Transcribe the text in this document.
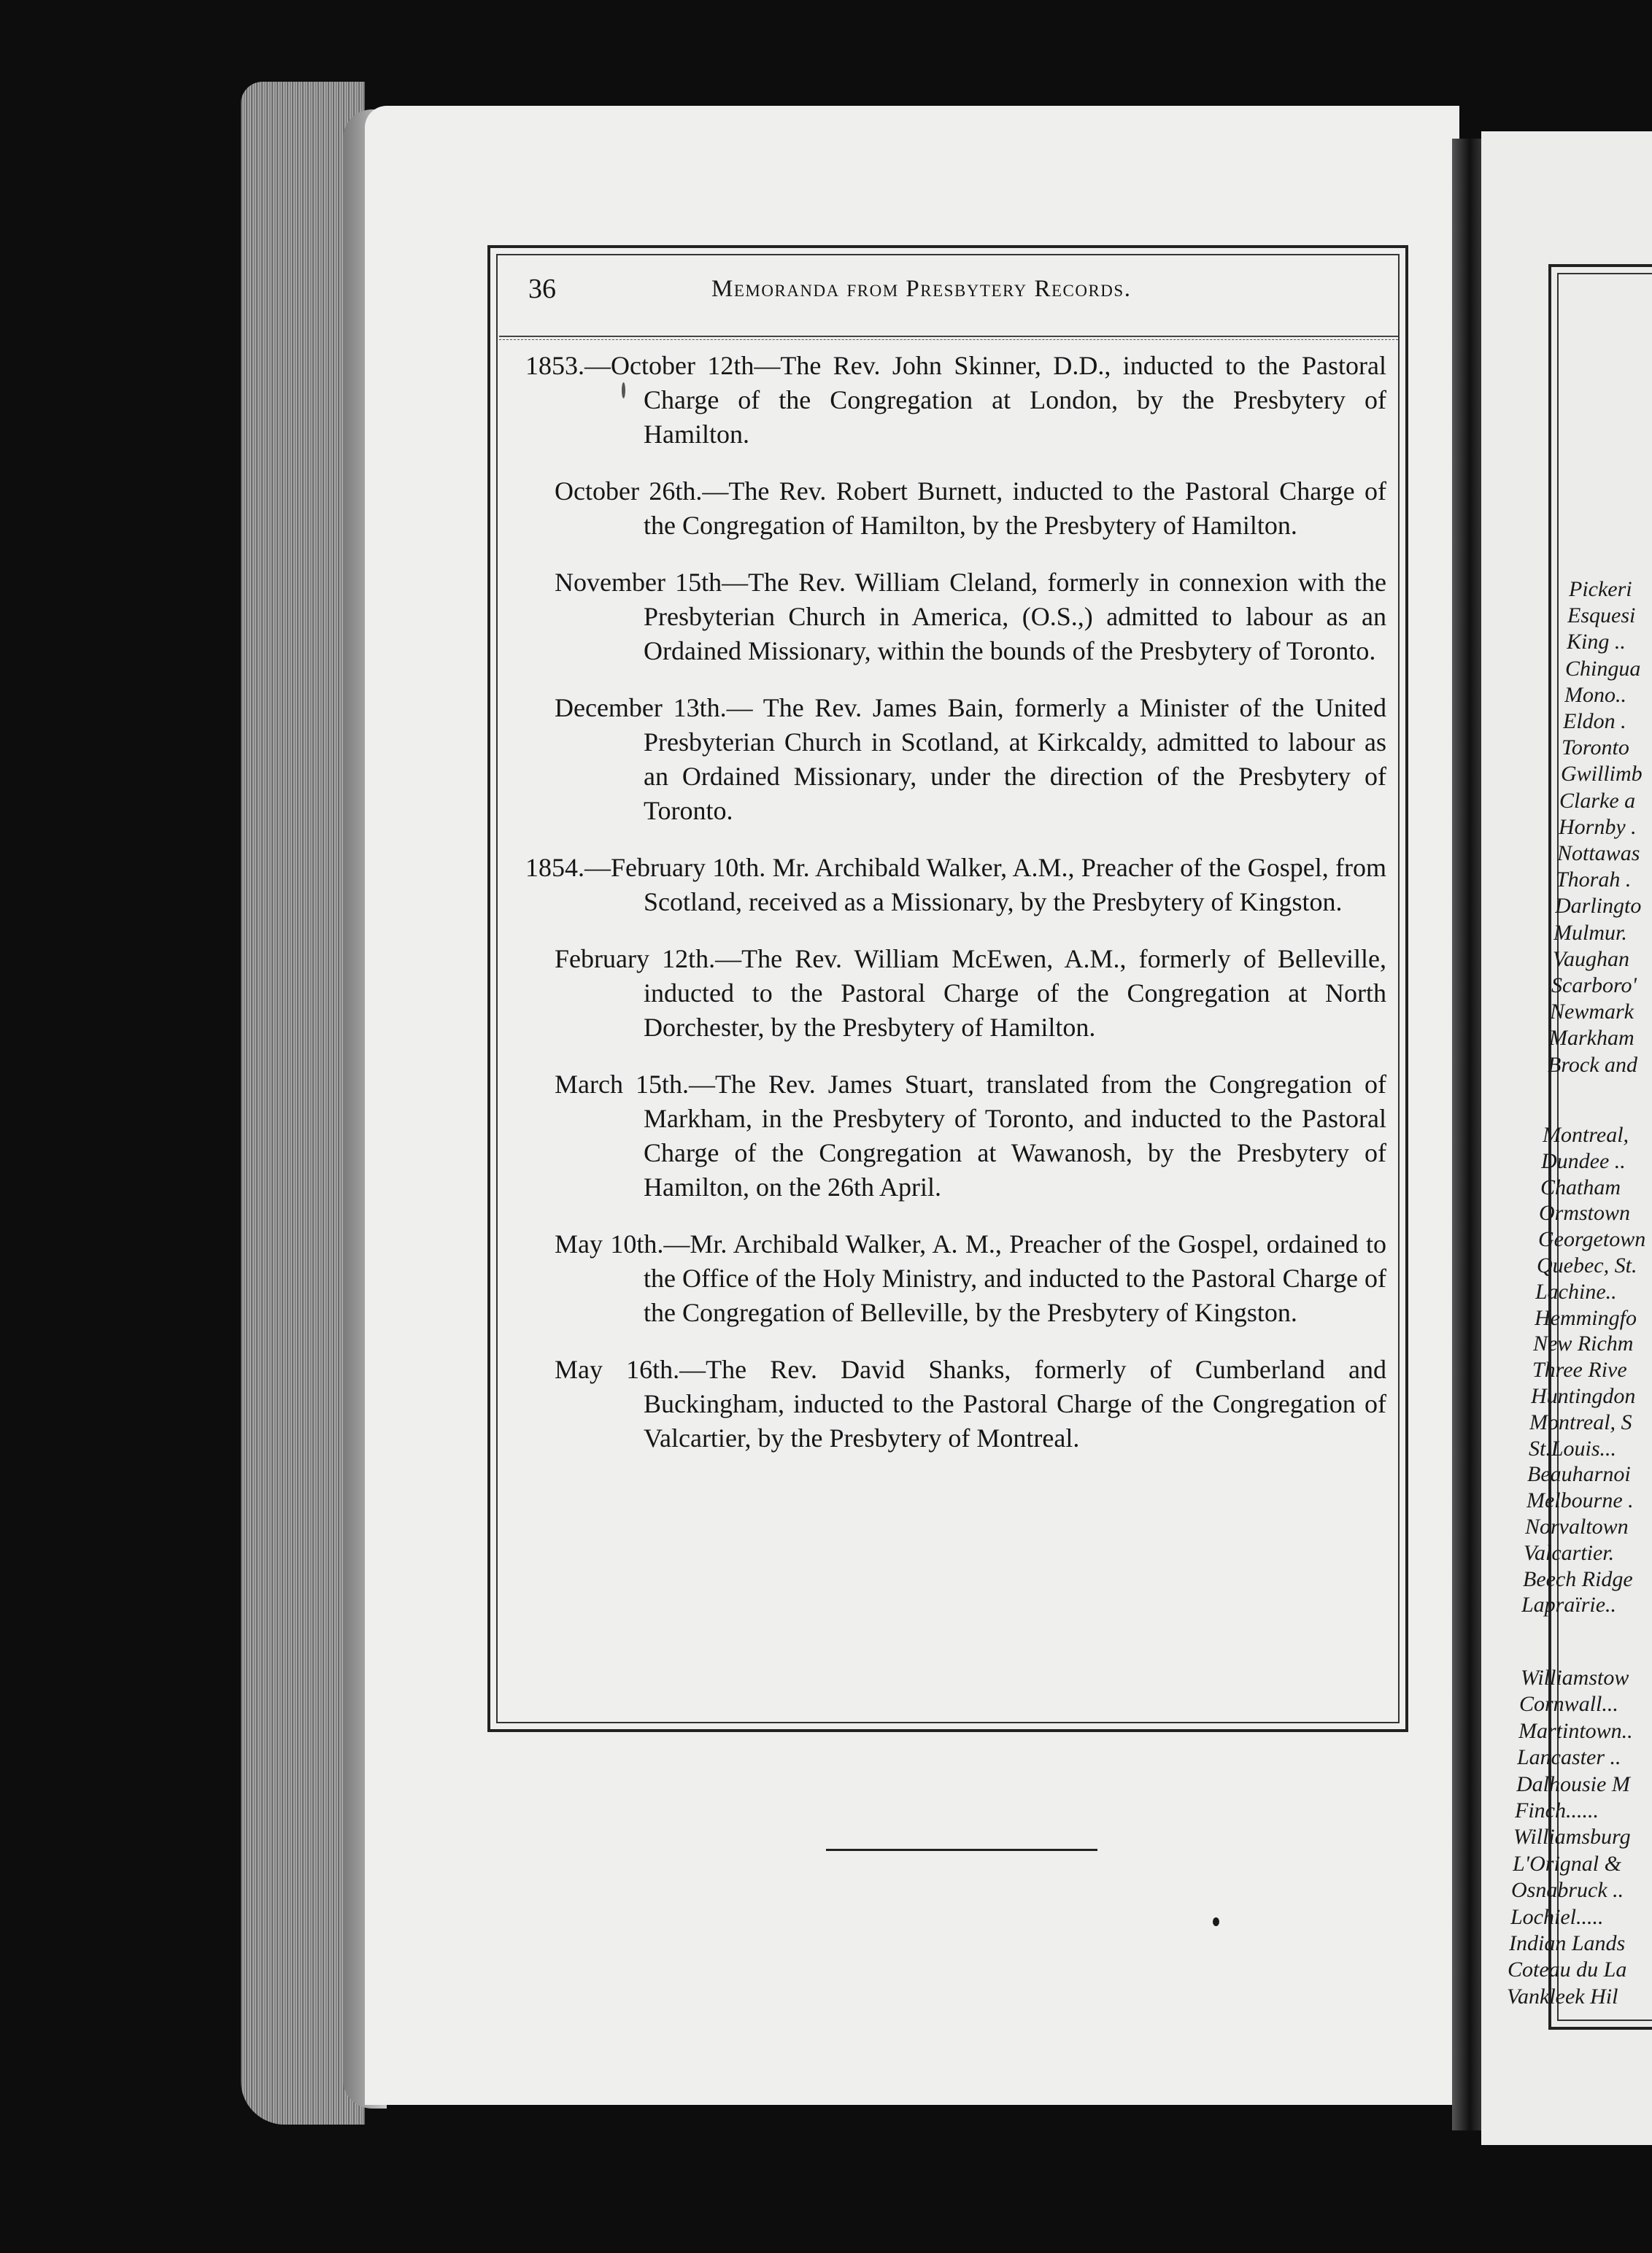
36	Memoranda from Presbytery Records.

1853.—October 12th—The Rev. John Skinner, D.D., inducted to the Pastoral Charge of the Congregation at London, by the Presbytery of Hamilton.

October 26th.—The Rev. Robert Burnett, inducted to the Pastoral Charge of the Congregation of Hamilton, by the Presbytery of Hamilton.

November 15th—The Rev. William Cleland, formerly in connexion with the Presbyterian Church in America, (O.S.,) admitted to labour as an Ordained Missionary, within the bounds of the Presbytery of Toronto.

December 13th.— The Rev. James Bain, formerly a Minister of the United Presbyterian Church in Scotland, at Kirkcaldy, admitted to labour as an Ordained Missionary, under the direction of the Presbytery of Toronto.

1854.—February 10th. Mr. Archibald Walker, A.M., Preacher of the Gospel, from Scotland, received as a Missionary, by the Presbytery of Kingston.

February 12th.—The Rev. William McEwen, A.M., formerly of Belleville, inducted to the Pastoral Charge of the Congregation at North Dorchester, by the Presbytery of Hamilton.

March 15th.—The Rev. James Stuart, translated from the Congregation of Markham, in the Presbytery of Toronto, and inducted to the Pastoral Charge of the Congregation at Wawanosh, by the Presbytery of Hamilton, on the 26th April.

May 10th.—Mr. Archibald Walker, A. M., Preacher of the Gospel, ordained to the Office of the Holy Ministry, and inducted to the Pastoral Charge of the Congregation of Belleville, by the Presbytery of Kingston.

May 16th.—The Rev. David Shanks, formerly of Cumberland and Buckingham, inducted to the Pastoral Charge of the Congregation of Valcartier, by the Presbytery of Montreal.

Pickeri
Esquesi
King ..
Chingua
Mono..
Eldon .
Toronto
Gwillimb
Clarke a
Hornby .
Nottawas
Thorah .
Darlingto
Mulmur.
Vaughan
Scarboro'
Newmark
Markham
Brock and
Montreal,
Dundee ..
Chatham
Ormstown
Georgetown
Quebec, St.
Lachine..
Hemmingfo
New Richm
Three Rive
Huntingdon
Montreal, S
St.Louis...
Beauharnoi
Melbourne .
Norvaltown
Valcartier.
Beech Ridge
Lapraïrie..
Williamstow
Cornwall...
Martintown..
Lancaster ..
Dalhousie M
Finch......
Williamsburg
L'Orignal &
Osnabruck ..
Lochiel.....
Indian Lands
Coteau du La
Vankleek Hil
